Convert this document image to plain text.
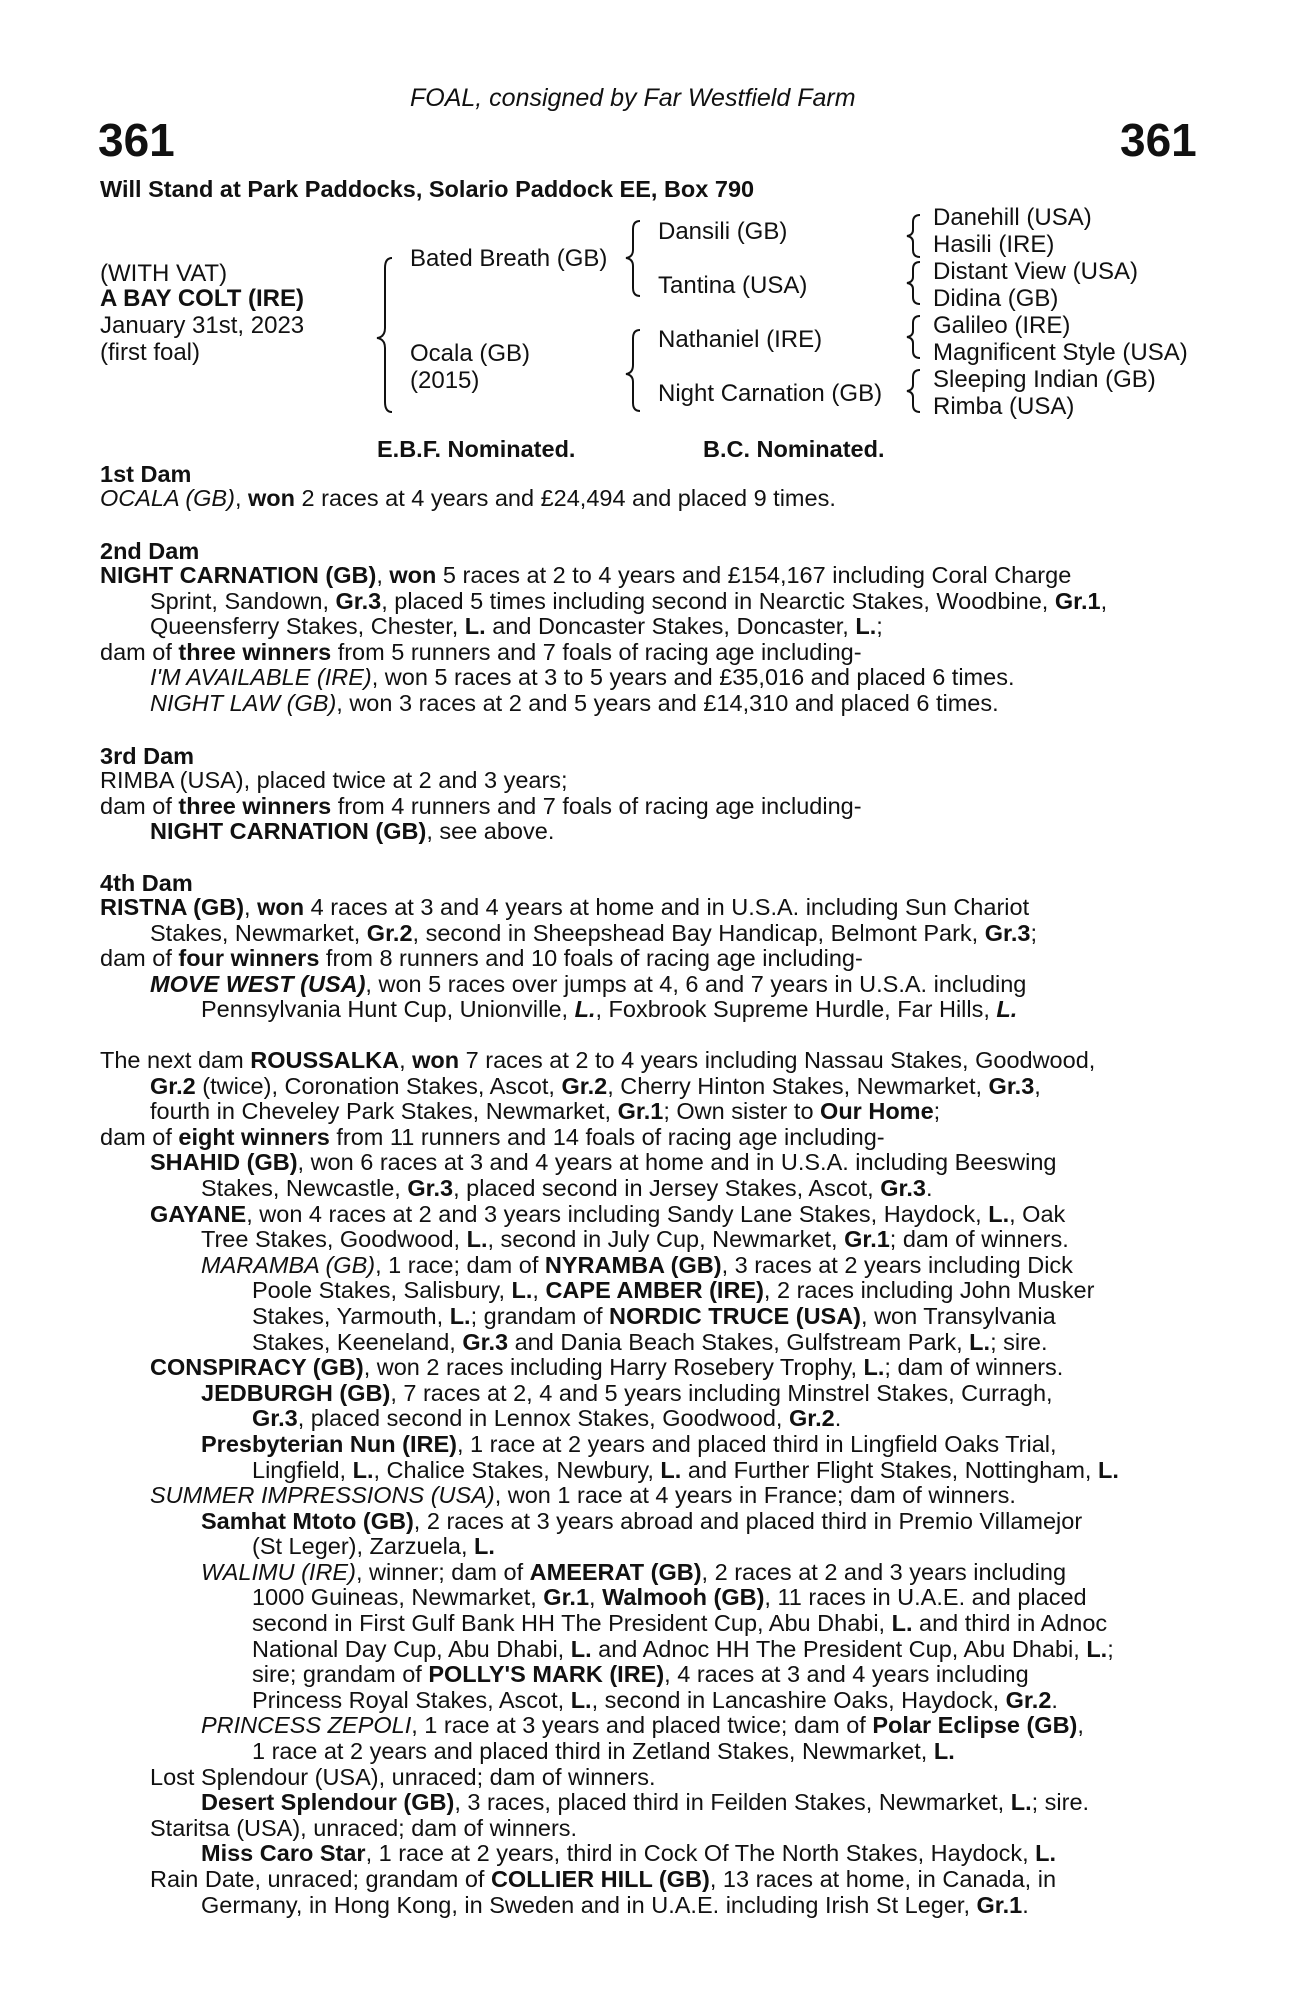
FOAL, consigned by Far Westfield Farm
361	361
Will Stand at Park Paddocks, Solario Paddock EE, Box 790
(WITH VAT)
A BAY COLT (IRE)
January 31st, 2023
(first foal)
Bated Breath (GB)
Ocala (GB)
(2015)
Dansili (GB)
Tantina (USA)
Nathaniel (IRE)
Night Carnation (GB)
Danehill (USA)
Hasili (IRE)
Distant View (USA)
Didina (GB)
Galileo (IRE)
Magnificent Style (USA)
Sleeping Indian (GB)
Rimba (USA)
E.B.F. Nominated.	B.C. Nominated.
1st Dam
OCALA (GB), won 2 races at 4 years and £24,494 and placed 9 times.
2nd Dam
NIGHT CARNATION (GB), won 5 races at 2 to 4 years and £154,167 including Coral Charge
Sprint, Sandown, Gr.3, placed 5 times including second in Nearctic Stakes, Woodbine, Gr.1,
Queensferry Stakes, Chester, L. and Doncaster Stakes, Doncaster, L.;
dam of three winners from 5 runners and 7 foals of racing age including-
I'M AVAILABLE (IRE), won 5 races at 3 to 5 years and £35,016 and placed 6 times.
NIGHT LAW (GB), won 3 races at 2 and 5 years and £14,310 and placed 6 times.
3rd Dam
RIMBA (USA), placed twice at 2 and 3 years;
dam of three winners from 4 runners and 7 foals of racing age including-
NIGHT CARNATION (GB), see above.
4th Dam
RISTNA (GB), won 4 races at 3 and 4 years at home and in U.S.A. including Sun Chariot
Stakes, Newmarket, Gr.2, second in Sheepshead Bay Handicap, Belmont Park, Gr.3;
dam of four winners from 8 runners and 10 foals of racing age including-
MOVE WEST (USA), won 5 races over jumps at 4, 6 and 7 years in U.S.A. including
Pennsylvania Hunt Cup, Unionville, L., Foxbrook Supreme Hurdle, Far Hills, L.
The next dam ROUSSALKA, won 7 races at 2 to 4 years including Nassau Stakes, Goodwood,
Gr.2 (twice), Coronation Stakes, Ascot, Gr.2, Cherry Hinton Stakes, Newmarket, Gr.3,
fourth in Cheveley Park Stakes, Newmarket, Gr.1; Own sister to Our Home;
dam of eight winners from 11 runners and 14 foals of racing age including-
SHAHID (GB), won 6 races at 3 and 4 years at home and in U.S.A. including Beeswing
Stakes, Newcastle, Gr.3, placed second in Jersey Stakes, Ascot, Gr.3.
GAYANE, won 4 races at 2 and 3 years including Sandy Lane Stakes, Haydock, L., Oak
Tree Stakes, Goodwood, L., second in July Cup, Newmarket, Gr.1; dam of winners.
MARAMBA (GB), 1 race; dam of NYRAMBA (GB), 3 races at 2 years including Dick
Poole Stakes, Salisbury, L., CAPE AMBER (IRE), 2 races including John Musker
Stakes, Yarmouth, L.; grandam of NORDIC TRUCE (USA), won Transylvania
Stakes, Keeneland, Gr.3 and Dania Beach Stakes, Gulfstream Park, L.; sire.
CONSPIRACY (GB), won 2 races including Harry Rosebery Trophy, L.; dam of winners.
JEDBURGH (GB), 7 races at 2, 4 and 5 years including Minstrel Stakes, Curragh,
Gr.3, placed second in Lennox Stakes, Goodwood, Gr.2.
Presbyterian Nun (IRE), 1 race at 2 years and placed third in Lingfield Oaks Trial,
Lingfield, L., Chalice Stakes, Newbury, L. and Further Flight Stakes, Nottingham, L.
SUMMER IMPRESSIONS (USA), won 1 race at 4 years in France; dam of winners.
Samhat Mtoto (GB), 2 races at 3 years abroad and placed third in Premio Villamejor
(St Leger), Zarzuela, L.
WALIMU (IRE), winner; dam of AMEERAT (GB), 2 races at 2 and 3 years including
1000 Guineas, Newmarket, Gr.1, Walmooh (GB), 11 races in U.A.E. and placed
second in First Gulf Bank HH The President Cup, Abu Dhabi, L. and third in Adnoc
National Day Cup, Abu Dhabi, L. and Adnoc HH The President Cup, Abu Dhabi, L.;
sire; grandam of POLLY'S MARK (IRE), 4 races at 3 and 4 years including
Princess Royal Stakes, Ascot, L., second in Lancashire Oaks, Haydock, Gr.2.
PRINCESS ZEPOLI, 1 race at 3 years and placed twice; dam of Polar Eclipse (GB),
1 race at 2 years and placed third in Zetland Stakes, Newmarket, L.
Lost Splendour (USA), unraced; dam of winners.
Desert Splendour (GB), 3 races, placed third in Feilden Stakes, Newmarket, L.; sire.
Staritsa (USA), unraced; dam of winners.
Miss Caro Star, 1 race at 2 years, third in Cock Of The North Stakes, Haydock, L.
Rain Date, unraced; grandam of COLLIER HILL (GB), 13 races at home, in Canada, in
Germany, in Hong Kong, in Sweden and in U.A.E. including Irish St Leger, Gr.1.
